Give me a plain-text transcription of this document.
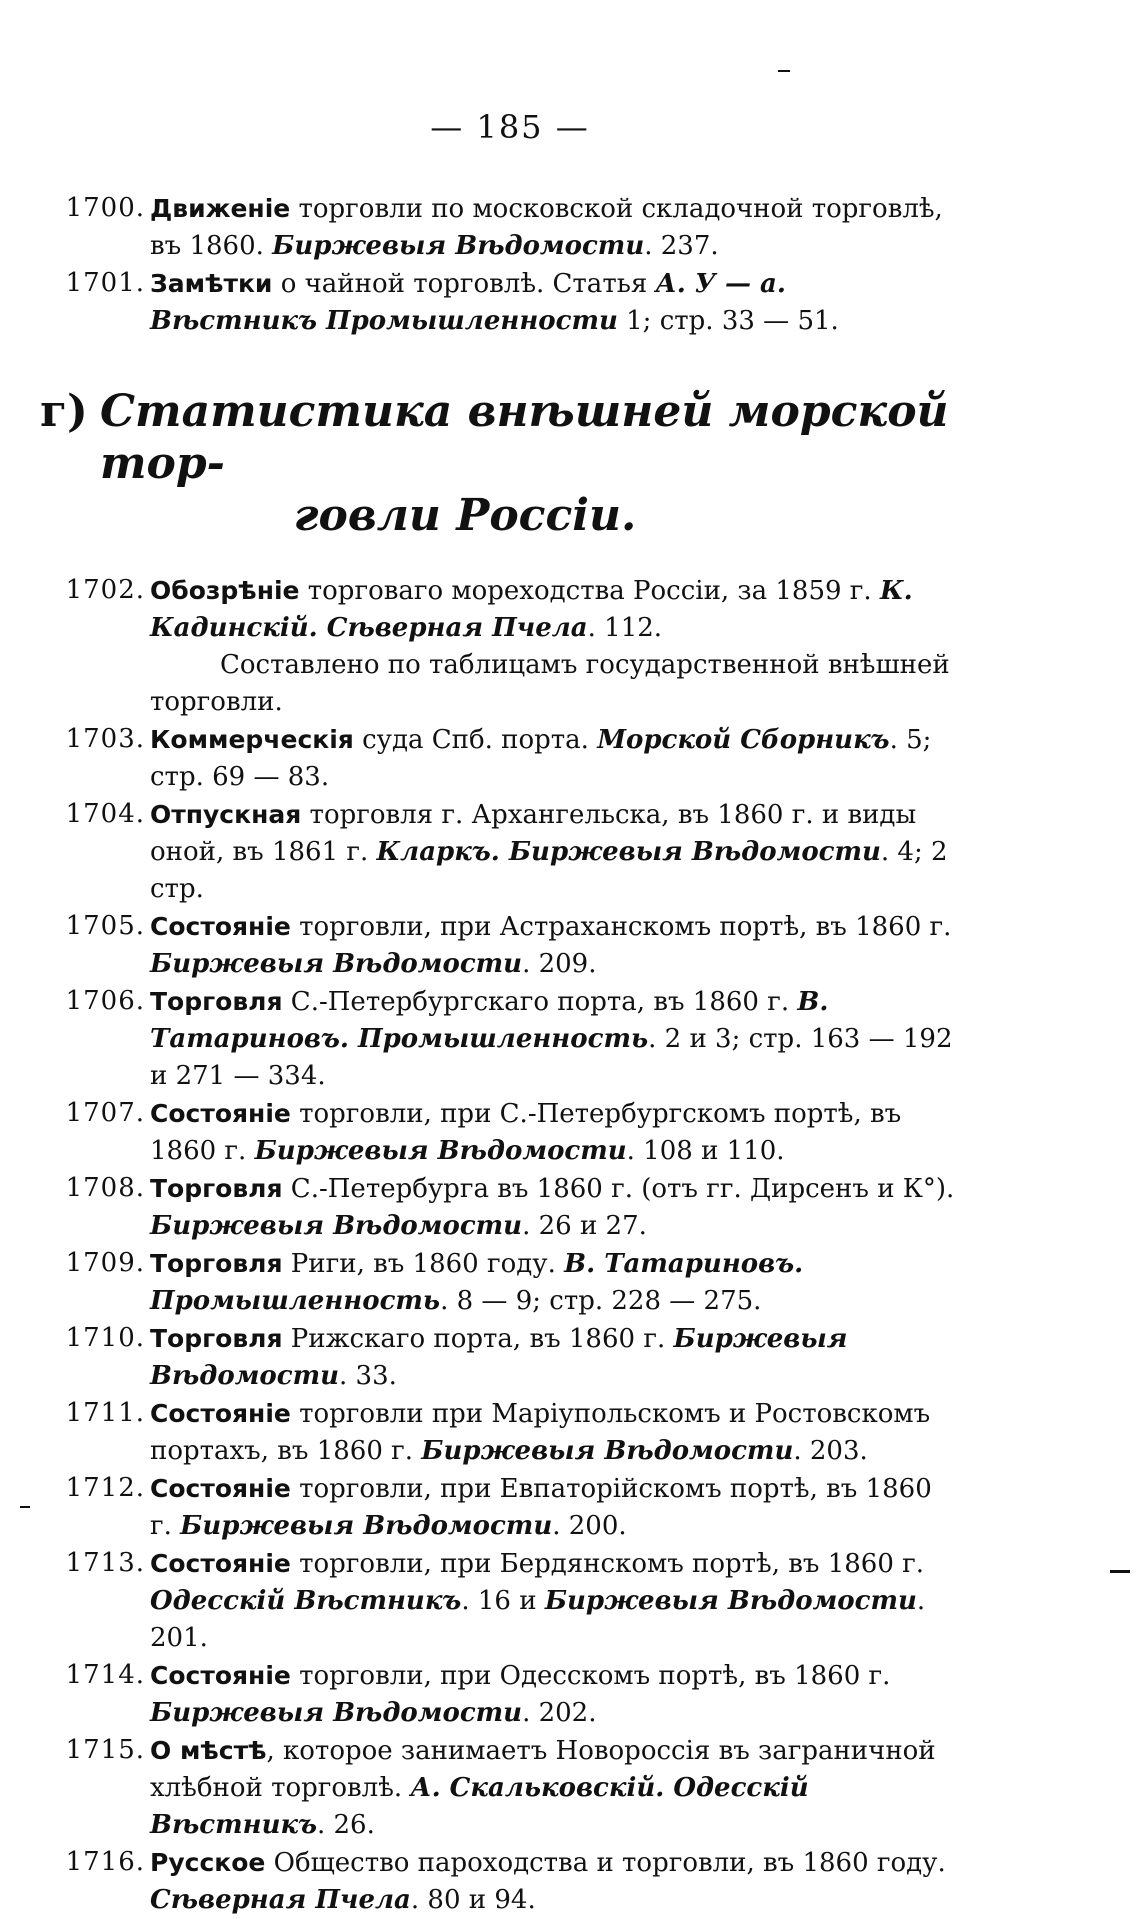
— 185 —
1700 . Движеніе торговли по московской складочной торговлѣ, въ 1860. Биржевыя Вѣдомости. 237.
1701 . Замѣтки о чайной торговлѣ. Статья А. У — а. Вѣстникъ Промышленности 1; стр. 33 — 51.
г) Статистика внѣшней морской тор-
говли Россіи.
1702 . Обозрѣніе торговаго мореходства Россіи, за 1859 г. К. Кадинскій. Сѣверная Пчела. 112.
Составлено по таблицамъ государственной внѣшней торговли.
1703 . Коммерческія суда Спб. порта. Морской Сборникъ. 5; стр. 69 — 83.
1704 . Отпускная торговля г. Архангельска, въ 1860 г. и виды оной, въ 1861 г. Кларкъ. Биржевыя Вѣдомости. 4; 2 стр.
1705 . Состояніе торговли, при Астраханскомъ портѣ, въ 1860 г. Биржевыя Вѣдомости. 209.
1706 . Торговля С.-Петербургскаго порта, въ 1860 г. В. Татариновъ. Промышленность. 2 и 3; стр. 163 — 192 и 271 — 334.
1707 . Состояніе торговли, при С.-Петербургскомъ портѣ, въ 1860 г. Биржевыя Вѣдомости. 108 и 110.
1708 . Торговля С.-Петербурга въ 1860 г. (отъ гг. Дирсенъ и К°). Биржевыя Вѣдомости. 26 и 27.
1709 . Торговля Риги, въ 1860 году. В. Татариновъ. Промышленность. 8 — 9; стр. 228 — 275.
1710 . Торговля Рижскаго порта, въ 1860 г. Биржевыя Вѣдомости. 33.
1711 . Состояніе торговли при Маріупольскомъ и Ростовскомъ портахъ, въ 1860 г. Биржевыя Вѣдомости. 203.
1712 . Состояніе торговли, при Евпаторійскомъ портѣ, въ 1860 г. Биржевыя Вѣдомости. 200.
1713 . Состояніе торговли, при Бердянскомъ портѣ, въ 1860 г. Одесскій Вѣстникъ. 16 и Биржевыя Вѣдомости. 201.
1714 . Состояніе торговли, при Одесскомъ портѣ, въ 1860 г. Биржевыя Вѣдомости. 202.
1715 . О мѣстѣ, которое занимаетъ Новороссія въ заграничной хлѣбной торговлѣ. А. Скальковскій. Одесскій Вѣстникъ. 26.
1716 . Русское Общество пароходства и торговли, въ 1860 году. Сѣверная Пчела. 80 и 94.
